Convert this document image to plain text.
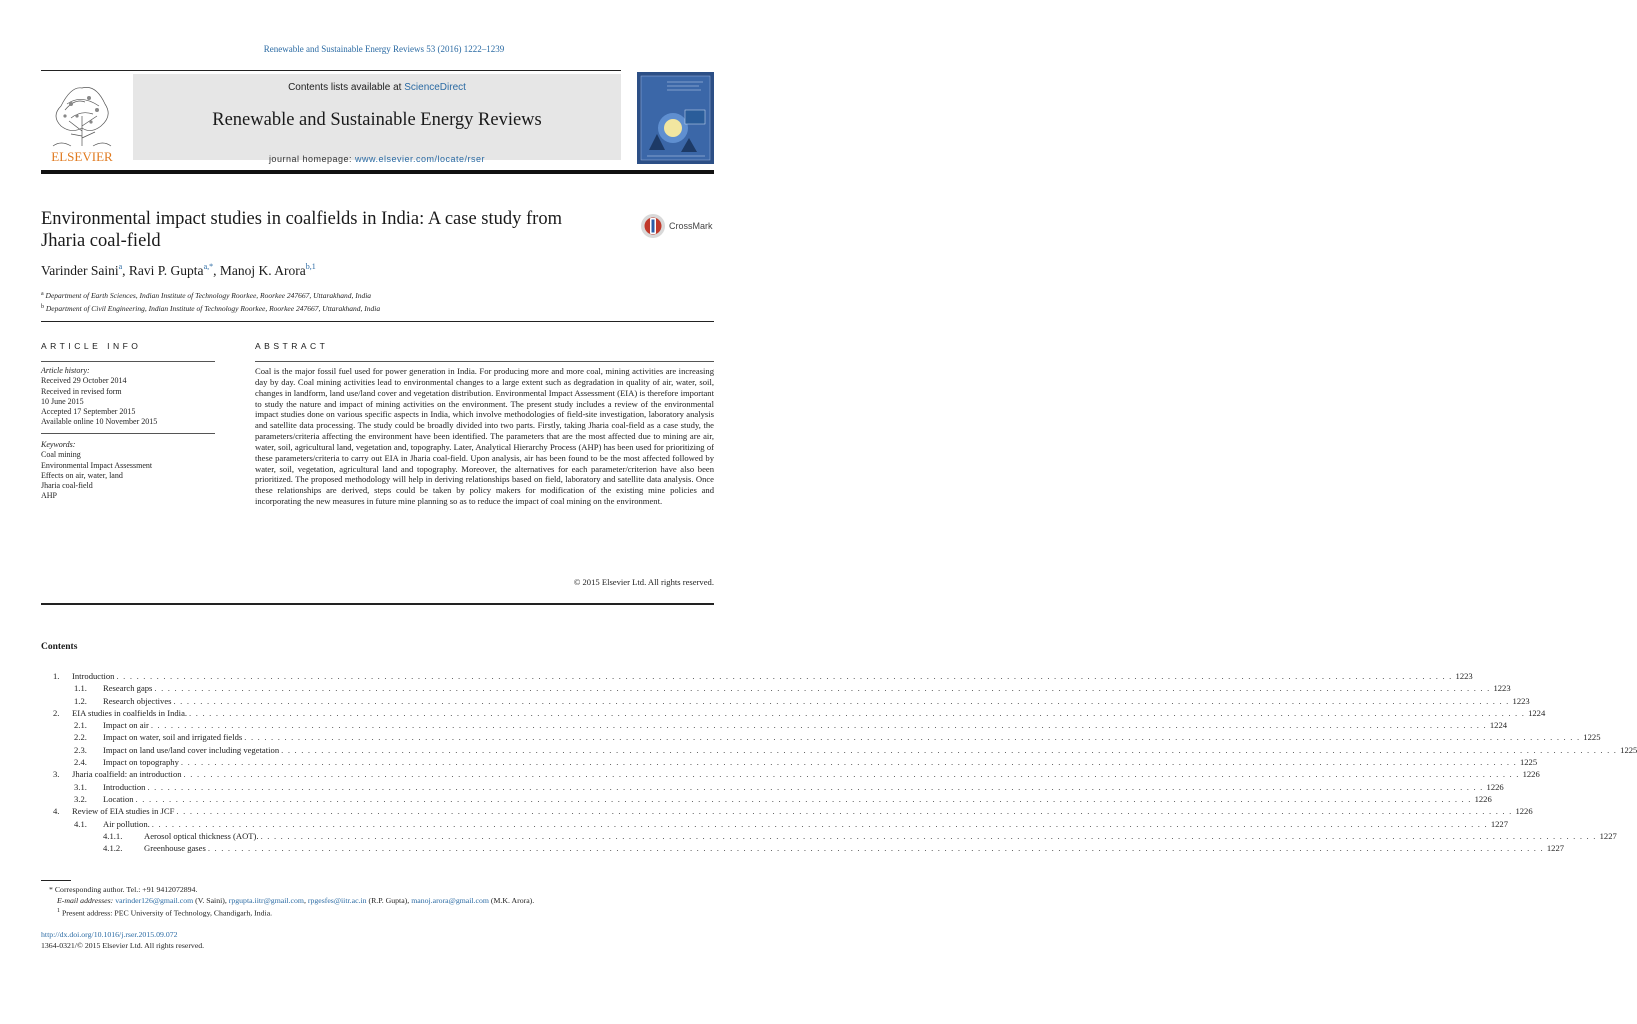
Renewable and Sustainable Energy Reviews 53 (2016) 1222–1239
ELSEVIER
Contents lists available at ScienceDirect
Renewable and Sustainable Energy Reviews
journal homepage: www.elsevier.com/locate/rser
Environmental impact studies in coalfields in India: A case study from Jharia coal-field
CrossMark
Varinder Saini$^a$, Ravi P. Gupta$^{a,*}$, Manoj K. Arora$^{b,1}$
$^a$ Department of Earth Sciences, Indian Institute of Technology Roorkee, Roorkee 247667, Uttarakhand, India
$^b$ Department of Civil Engineering, Indian Institute of Technology Roorkee, Roorkee 247667, Uttarakhand, India
ARTICLE INFO
Article history:
Received 29 October 2014
Received in revised form
10 June 2015
Accepted 17 September 2015
Available online 10 November 2015
Keywords:
Coal mining
Environmental Impact Assessment
Effects on air, water, land
Jharia coal-field
AHP
ABSTRACT
Coal is the major fossil fuel used for power generation in India. For producing more and more coal, mining activities are increasing day by day. Coal mining activities lead to environmental changes to a large extent such as degradation in quality of air, water, soil, changes in landform, land use/land cover and vegetation distribution. Environmental Impact Assessment (EIA) is therefore important to study the nature and impact of mining activities on the environment. The present study includes a review of the environmental impact studies done on various specific aspects in India, which involve methodologies of field-site investigation, laboratory analysis and satellite data processing. The study could be broadly divided into two parts. Firstly, taking Jharia coal-field as a case study, the parameters/criteria affecting the environment have been identified. The parameters that are the most affected due to mining are air, water, soil, agricultural land, vegetation and, topography. Later, Analytical Hierarchy Process (AHP) has been used for prioritizing of these parameters/criteria to carry out EIA in Jharia coal-field. Upon analysis, air has been found to be the most affected followed by water, soil, vegetation, agricultural land and topography. Moreover, the alternatives for each parameter/criterion have also been prioritized. The proposed methodology will help in deriving relationships based on field, laboratory and satellite data analysis. Once these relationships are derived, steps could be taken by policy makers for modification of the existing mine policies and incorporating the new measures in future mine planning so as to reduce the impact of coal mining on the environment.
© 2015 Elsevier Ltd. All rights reserved.
Contents
1. Introduction . . . . . . . . . . . . . . . . . . . . . . . . . . . . . . . . . . . . . . . . . . . . . . . . . . . . . . . . . . . . . . . . . . . . . . . . . . . . . . . . . . . . . . . . . . . . . . . . . . . . . . . . . . . . . . . . . . . . . . . . . . . . . . . . . . . . . . . . . . . . . . . . . . . . . . . . . . . . . . . . . . . . . . . . . . . . . . . . . . . . . . . . . . . . . . . . . . . . . . . . 1223
1.1. Research gaps . . . . . . . . . . . . . . . . . . . . . . . . . . . . . . . . . . . . . . . . . . . . . . . . . . . . . . . . . . . . . . . . . . . . . . . . . . . . . . . . . . . . . . . . . . . . . . . . . . . . . . . . . . . . . . . . . . . . . . . . . . . . . . . . . . . . . . . . . . . . . . . . . . . . . . . . . . . . . . . . . . . . . . . . . . . . . . . . . . . . . . . . . . . . . . . . . . . . . . . . 1223
1.2. Research objectives . . . . . . . . . . . . . . . . . . . . . . . . . . . . . . . . . . . . . . . . . . . . . . . . . . . . . . . . . . . . . . . . . . . . . . . . . . . . . . . . . . . . . . . . . . . . . . . . . . . . . . . . . . . . . . . . . . . . . . . . . . . . . . . . . . . . . . . . . . . . . . . . . . . . . . . . . . . . . . . . . . . . . . . . . . . . . . . . . . . . . . . . . . . . . . . . . . . . . . . . 1223
2. EIA studies in coalfields in India. . . . . . . . . . . . . . . . . . . . . . . . . . . . . . . . . . . . . . . . . . . . . . . . . . . . . . . . . . . . . . . . . . . . . . . . . . . . . . . . . . . . . . . . . . . . . . . . . . . . . . . . . . . . . . . . . . . . . . . . . . . . . . . . . . . . . . . . . . . . . . . . . . . . . . . . . . . . . . . . . . . . . . . . . . . . . . . . . . . . . . . . . . . . . . . . . . . . . . . . . 1224
2.1. Impact on air . . . . . . . . . . . . . . . . . . . . . . . . . . . . . . . . . . . . . . . . . . . . . . . . . . . . . . . . . . . . . . . . . . . . . . . . . . . . . . . . . . . . . . . . . . . . . . . . . . . . . . . . . . . . . . . . . . . . . . . . . . . . . . . . . . . . . . . . . . . . . . . . . . . . . . . . . . . . . . . . . . . . . . . . . . . . . . . . . . . . . . . . . . . . . . . . . . . . . . . . 1224
2.2. Impact on water, soil and irrigated fields . . . . . . . . . . . . . . . . . . . . . . . . . . . . . . . . . . . . . . . . . . . . . . . . . . . . . . . . . . . . . . . . . . . . . . . . . . . . . . . . . . . . . . . . . . . . . . . . . . . . . . . . . . . . . . . . . . . . . . . . . . . . . . . . . . . . . . . . . . . . . . . . . . . . . . . . . . . . . . . . . . . . . . . . . . . . . . . . . . . . . . . . . . . . . . . . . . . . . . . . 1225
2.3. Impact on land use/land cover including vegetation . . . . . . . . . . . . . . . . . . . . . . . . . . . . . . . . . . . . . . . . . . . . . . . . . . . . . . . . . . . . . . . . . . . . . . . . . . . . . . . . . . . . . . . . . . . . . . . . . . . . . . . . . . . . . . . . . . . . . . . . . . . . . . . . . . . . . . . . . . . . . . . . . . . . . . . . . . . . . . . . . . . . . . . . . . . . . . . . . . . . . . . . . . . . . . . . . . . . . . . . 1225
2.4. Impact on topography . . . . . . . . . . . . . . . . . . . . . . . . . . . . . . . . . . . . . . . . . . . . . . . . . . . . . . . . . . . . . . . . . . . . . . . . . . . . . . . . . . . . . . . . . . . . . . . . . . . . . . . . . . . . . . . . . . . . . . . . . . . . . . . . . . . . . . . . . . . . . . . . . . . . . . . . . . . . . . . . . . . . . . . . . . . . . . . . . . . . . . . . . . . . . . . . . . . . . . . . 1225
3. Jharia coalfield: an introduction . . . . . . . . . . . . . . . . . . . . . . . . . . . . . . . . . . . . . . . . . . . . . . . . . . . . . . . . . . . . . . . . . . . . . . . . . . . . . . . . . . . . . . . . . . . . . . . . . . . . . . . . . . . . . . . . . . . . . . . . . . . . . . . . . . . . . . . . . . . . . . . . . . . . . . . . . . . . . . . . . . . . . . . . . . . . . . . . . . . . . . . . . . . . . . . . . . . . . . . . 1226
3.1. Introduction . . . . . . . . . . . . . . . . . . . . . . . . . . . . . . . . . . . . . . . . . . . . . . . . . . . . . . . . . . . . . . . . . . . . . . . . . . . . . . . . . . . . . . . . . . . . . . . . . . . . . . . . . . . . . . . . . . . . . . . . . . . . . . . . . . . . . . . . . . . . . . . . . . . . . . . . . . . . . . . . . . . . . . . . . . . . . . . . . . . . . . . . . . . . . . . . . . . . . . . . 1226
3.2. Location . . . . . . . . . . . . . . . . . . . . . . . . . . . . . . . . . . . . . . . . . . . . . . . . . . . . . . . . . . . . . . . . . . . . . . . . . . . . . . . . . . . . . . . . . . . . . . . . . . . . . . . . . . . . . . . . . . . . . . . . . . . . . . . . . . . . . . . . . . . . . . . . . . . . . . . . . . . . . . . . . . . . . . . . . . . . . . . . . . . . . . . . . . . . . . . . . . . . . . . . 1226
4. Review of EIA studies in JCF . . . . . . . . . . . . . . . . . . . . . . . . . . . . . . . . . . . . . . . . . . . . . . . . . . . . . . . . . . . . . . . . . . . . . . . . . . . . . . . . . . . . . . . . . . . . . . . . . . . . . . . . . . . . . . . . . . . . . . . . . . . . . . . . . . . . . . . . . . . . . . . . . . . . . . . . . . . . . . . . . . . . . . . . . . . . . . . . . . . . . . . . . . . . . . . . . . . . . . . . 1226
4.1. Air pollution. . . . . . . . . . . . . . . . . . . . . . . . . . . . . . . . . . . . . . . . . . . . . . . . . . . . . . . . . . . . . . . . . . . . . . . . . . . . . . . . . . . . . . . . . . . . . . . . . . . . . . . . . . . . . . . . . . . . . . . . . . . . . . . . . . . . . . . . . . . . . . . . . . . . . . . . . . . . . . . . . . . . . . . . . . . . . . . . . . . . . . . . . . . . . . . . . . . . . . . . . 1227
4.1.1.	Aerosol optical thickness (AOT). . . . . . . . . . . . . . . . . . . . . . . . . . . . . . . . . . . . . . . . . . . . . . . . . . . . . . . . . . . . . . . . . . . . . . . . . . . . . . . . . . . . . . . . . . . . . . . . . . . . . . . . . . . . . . . . . . . . . . . . . . . . . . . . . . . . . . . . . . . . . . . . . . . . . . . . . . . . . . . . . . . . . . . . . . . . . . . . . . . . . . . . . . . . . . . . . . . . . . . . . 1227
4.1.2.	Greenhouse gases . . . . . . . . . . . . . . . . . . . . . . . . . . . . . . . . . . . . . . . . . . . . . . . . . . . . . . . . . . . . . . . . . . . . . . . . . . . . . . . . . . . . . . . . . . . . . . . . . . . . . . . . . . . . . . . . . . . . . . . . . . . . . . . . . . . . . . . . . . . . . . . . . . . . . . . . . . . . . . . . . . . . . . . . . . . . . . . . . . . . . . . . . . . . . . . . . . . . . . . . 1227
* Corresponding author. Tel.: +91 9412072894.
E-mail addresses: varinder126@gmail.com (V. Saini), rpgupta.iitr@gmail.com, rpgesfes@iitr.ac.in (R.P. Gupta), manoj.arora@gmail.com (M.K. Arora).
$^1$ Present address: PEC University of Technology, Chandigarh, India.
http://dx.doi.org/10.1016/j.rser.2015.09.072
1364-0321/© 2015 Elsevier Ltd. All rights reserved.
